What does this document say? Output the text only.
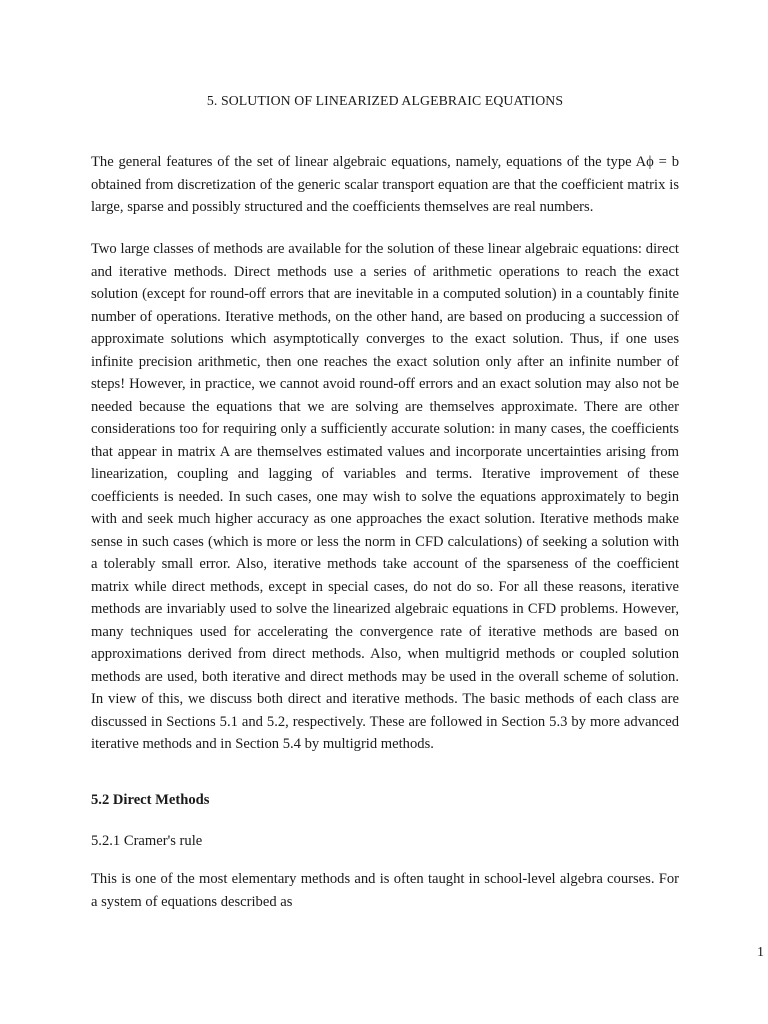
5. SOLUTION OF LINEARIZED ALGEBRAIC EQUATIONS

The general features of the set of linear algebraic equations, namely, equations of the type Aϕ = b obtained from discretization of the generic scalar transport equation are that the coefficient matrix is large, sparse and possibly structured and the coefficients themselves are real numbers.

Two large classes of methods are available for the solution of these linear algebraic equations: direct and iterative methods. Direct methods use a series of arithmetic operations to reach the exact solution (except for round-off errors that are inevitable in a computed solution) in a countably finite number of operations. Iterative methods, on the other hand, are based on producing a succession of approximate solutions which asymptotically converges to the exact solution. Thus, if one uses infinite precision arithmetic, then one reaches the exact solution only after an infinite number of steps! However, in practice, we cannot avoid round-off errors and an exact solution may also not be needed because the equations that we are solving are themselves approximate. There are other considerations too for requiring only a sufficiently accurate solution: in many cases, the coefficients that appear in matrix A are themselves estimated values and incorporate uncertainties arising from linearization, coupling and lagging of variables and terms. Iterative improvement of these coefficients is needed. In such cases, one may wish to solve the equations approximately to begin with and seek much higher accuracy as one approaches the exact solution. Iterative methods make sense in such cases (which is more or less the norm in CFD calculations) of seeking a solution with a tolerably small error. Also, iterative methods take account of the sparseness of the coefficient matrix while direct methods, except in special cases, do not do so. For all these reasons, iterative methods are invariably used to solve the linearized algebraic equations in CFD problems. However, many techniques used for accelerating the convergence rate of iterative methods are based on approximations derived from direct methods. Also, when multigrid methods or coupled solution methods are used, both iterative and direct methods may be used in the overall scheme of solution. In view of this, we discuss both direct and iterative methods. The basic methods of each class are discussed in Sections 5.1 and 5.2, respectively. These are followed in Section 5.3 by more advanced iterative methods and in Section 5.4 by multigrid methods.

5.2 Direct Methods
5.2.1 Cramer's rule

This is one of the most elementary methods and is often taught in school-level algebra courses. For a system of equations described as

1
